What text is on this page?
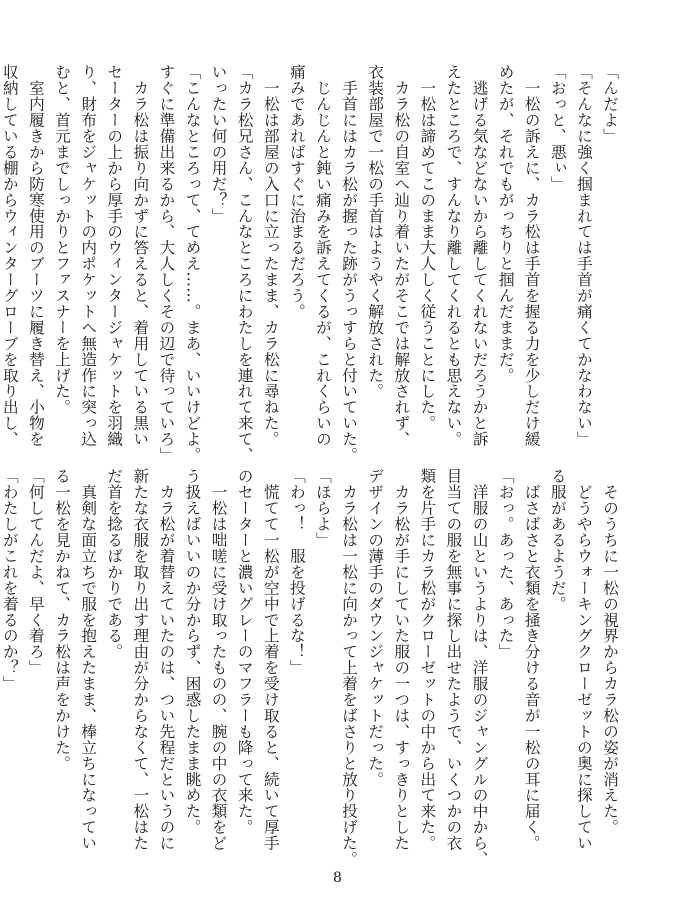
「んだよ」
「そんなに強く掴まれては手首が痛くてかなわない」
「おっと、悪ぃ」
　一松の訴えに、カラ松は手首を握る力を少しだけ緩
めたが、それでもがっちりと掴んだままだ。
　逃げる気などないから離してくれないだろうかと訴
えたところで、すんなり離してくれるとも思えない。
　一松は諦めてこのまま大人しく従うことにした。
　カラ松の自室へ辿り着いたがそこでは解放されず、
衣装部屋で一松の手首はようやく解放された。
　手首にはカラ松が握った跡がうっすらと付いていた。
　じんじんと鈍い痛みを訴えてくるが、これくらいの
痛みであればすぐに治まるだろう。
　一松は部屋の入口に立ったまま、カラ松に尋ねた。
「カラ松兄さん、こんなところにわたしを連れて来て、
いったい何の用だ？」
「こんなところって、てめえ……。まあ、いいけどよ。
すぐに準備出来るから、大人しくその辺で待っていろ」
　カラ松は振り向かずに答えると、着用している黒い
セーターの上から厚手のウィンタージャケットを羽織
り、財布をジャケットの内ポケットへ無造作に突っ込
むと、首元までしっかりとファスナーを上げた。
　室内履きから防寒使用のブーツに履き替え、小物を
収納している棚からウィンターグローブを取り出し、
　そのうちに一松の視界からカラ松の姿が消えた。
　どうやらウォーキングクローゼットの奥に探してい
る服があるようだ。
　ばさばさと衣類を掻き分ける音が一松の耳に届く。
「おっ。あった、あった」
　洋服の山というよりは、洋服のジャングルの中から、
目当ての服を無事に探し出せたようで、いくつかの衣
類を片手にカラ松がクローゼットの中から出て来た。
　カラ松が手にしていた服の一つは、すっきりとした
デザインの薄手のダウンジャケットだった。
　カラ松は一松に向かって上着をばさりと放り投げた。
「ほらよ」
「わっ！　服を投げるな！」
　慌てて一松が空中で上着を受け取ると、続いて厚手
のセーターと濃いグレーのマフラーも降って来た。
　一松は咄嗟に受け取ったものの、腕の中の衣類をど
う扱えばいいのか分からず、困惑したまま眺めた。
　カラ松が着替えていたのは、つい先程だというのに
新たな衣服を取り出す理由が分からなくて、一松はた
だ首を捻るばかりである。
　真剣な面立ちで服を抱えたまま、棒立ちになってい
る一松を見かねて、カラ松は声をかけた。
「何してんだよ、早く着ろ」
「わたしがこれを着るのか？」
8
